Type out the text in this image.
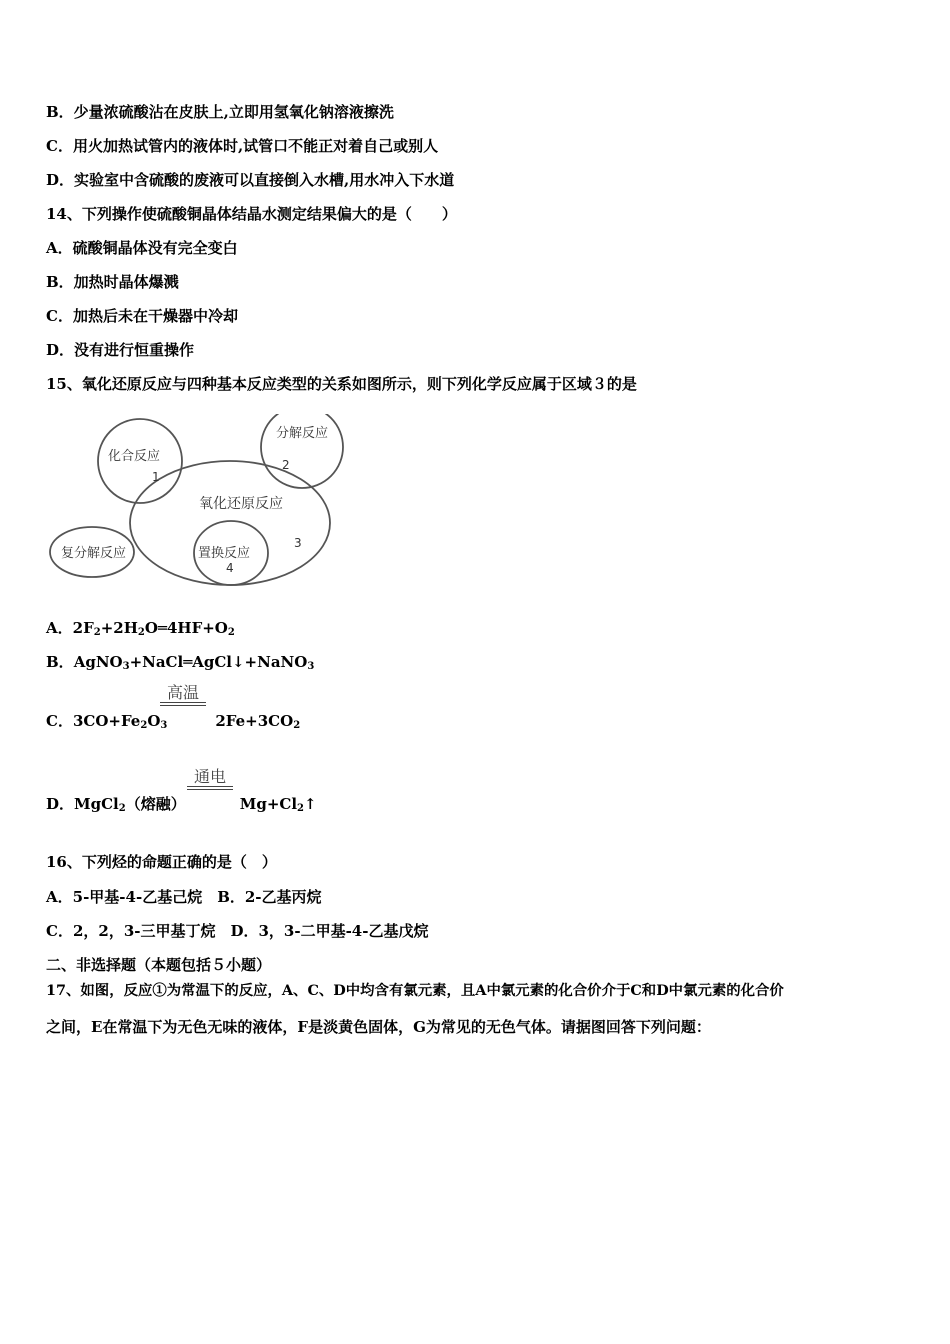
B．少量浓硫酸沾在皮肤上,立即用氢氧化钠溶液擦洗
C．用火加热试管内的液体时,试管口不能正对着自己或别人
D．实验室中含硫酸的废液可以直接倒入水槽,用水冲入下水道
14、下列操作使硫酸铜晶体结晶水测定结果偏大的是（　　）
A．硫酸铜晶体没有完全变白
B．加热时晶体爆溅
C．加热后未在干燥器中冷却
D．没有进行恒重操作
15、氧化还原反应与四种基本反应类型的关系如图所示，则下列化学反应属于区域３的是
化合反应
1
分解反应
2
氧化还原反应
3
复分解反应	置换反应
4
A．$2F_2+2H_2O═4HF+O_2$
B．AgNO$_3$+NaCl═AgCl↓+NaNO$_3$
C．$3CO+Fe_2O_3$	$2Fe+3CO_2$
高温
D．MgCl$_2$（熔融）	$Mg+Cl_2↑$
通电
16、下列烃的命题正确的是（　）
A．5-甲基-4-乙基己烷　B．2-乙基丙烷
C．2，2，3-三甲基丁烷　D．3，3-二甲基-4-乙基戊烷
二、非选择题（本题包括５小题）
17、如图，反应①为常温下的反应，A、C、D中均含有氯元素，且A中氯元素的化合价介于C和D中氯元素的化合价
之间，E在常温下为无色无味的液体，F是淡黄色固体，G为常见的无色气体。请据图回答下列问题：
